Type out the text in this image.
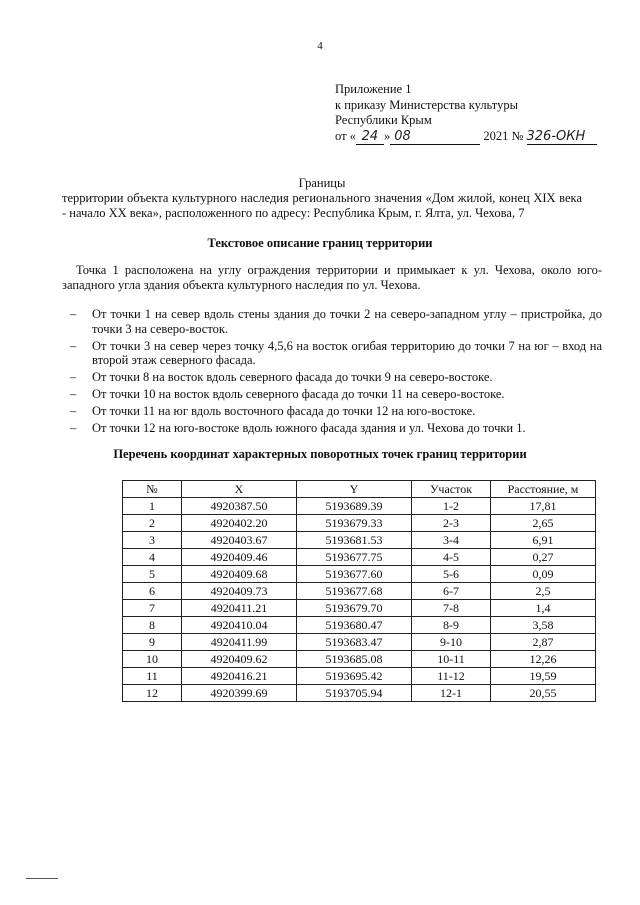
4
Приложение 1
к приказу Министерства культуры
Республики Крым
от « 24 » 08	2021 № 326-ОКН
Границы
территории объекта культурного наследия регионального значения «Дом жилой, конец XIX века - начало XX века», расположенного по адресу: Республика Крым, г. Ялта, ул. Чехова, 7
Текстовое описание границ территории
Точка 1 расположена на углу ограждения территории и примыкает к ул. Чехова, около юго-западного угла здания объекта культурного наследия по ул. Чехова.
– От точки 1 на север вдоль стены здания до точки 2 на северо-западном углу – пристройка, до точки 3 на северо-восток.
– От точки 3 на север через точку 4,5,6 на восток огибая территорию до точки 7 на юг – вход на второй этаж северного фасада.
– От точки 8 на восток вдоль северного фасада до точки 9 на северо-востоке.
– От точки 10 на восток вдоль северного фасада до точки 11 на северо-востоке.
– От точки 11 на юг вдоль восточного фасада до точки 12 на юго-востоке.
– От точки 12 на юго-востоке вдоль южного фасада здания и ул. Чехова до точки 1.
Перечень координат характерных поворотных точек границ территории
№	X	Y	Участок	Расстояние, м
1	4920387.50	5193689.39	1-2	17,81
2	4920402.20	5193679.33	2-3	2,65
3	4920403.67	5193681.53	3-4	6,91
4	4920409.46	5193677.75	4-5	0,27
5	4920409.68	5193677.60	5-6	0,09
6	4920409.73	5193677.68	6-7	2,5
7	4920411.21	5193679.70	7-8	1,4
8	4920410.04	5193680.47	8-9	3,58
9	4920411.99	5193683.47	9-10	2,87
10	4920409.62	5193685.08	10-11	12,26
11	4920416.21	5193695.42	11-12	19,59
12	4920399.69	5193705.94	12-1	20,55
